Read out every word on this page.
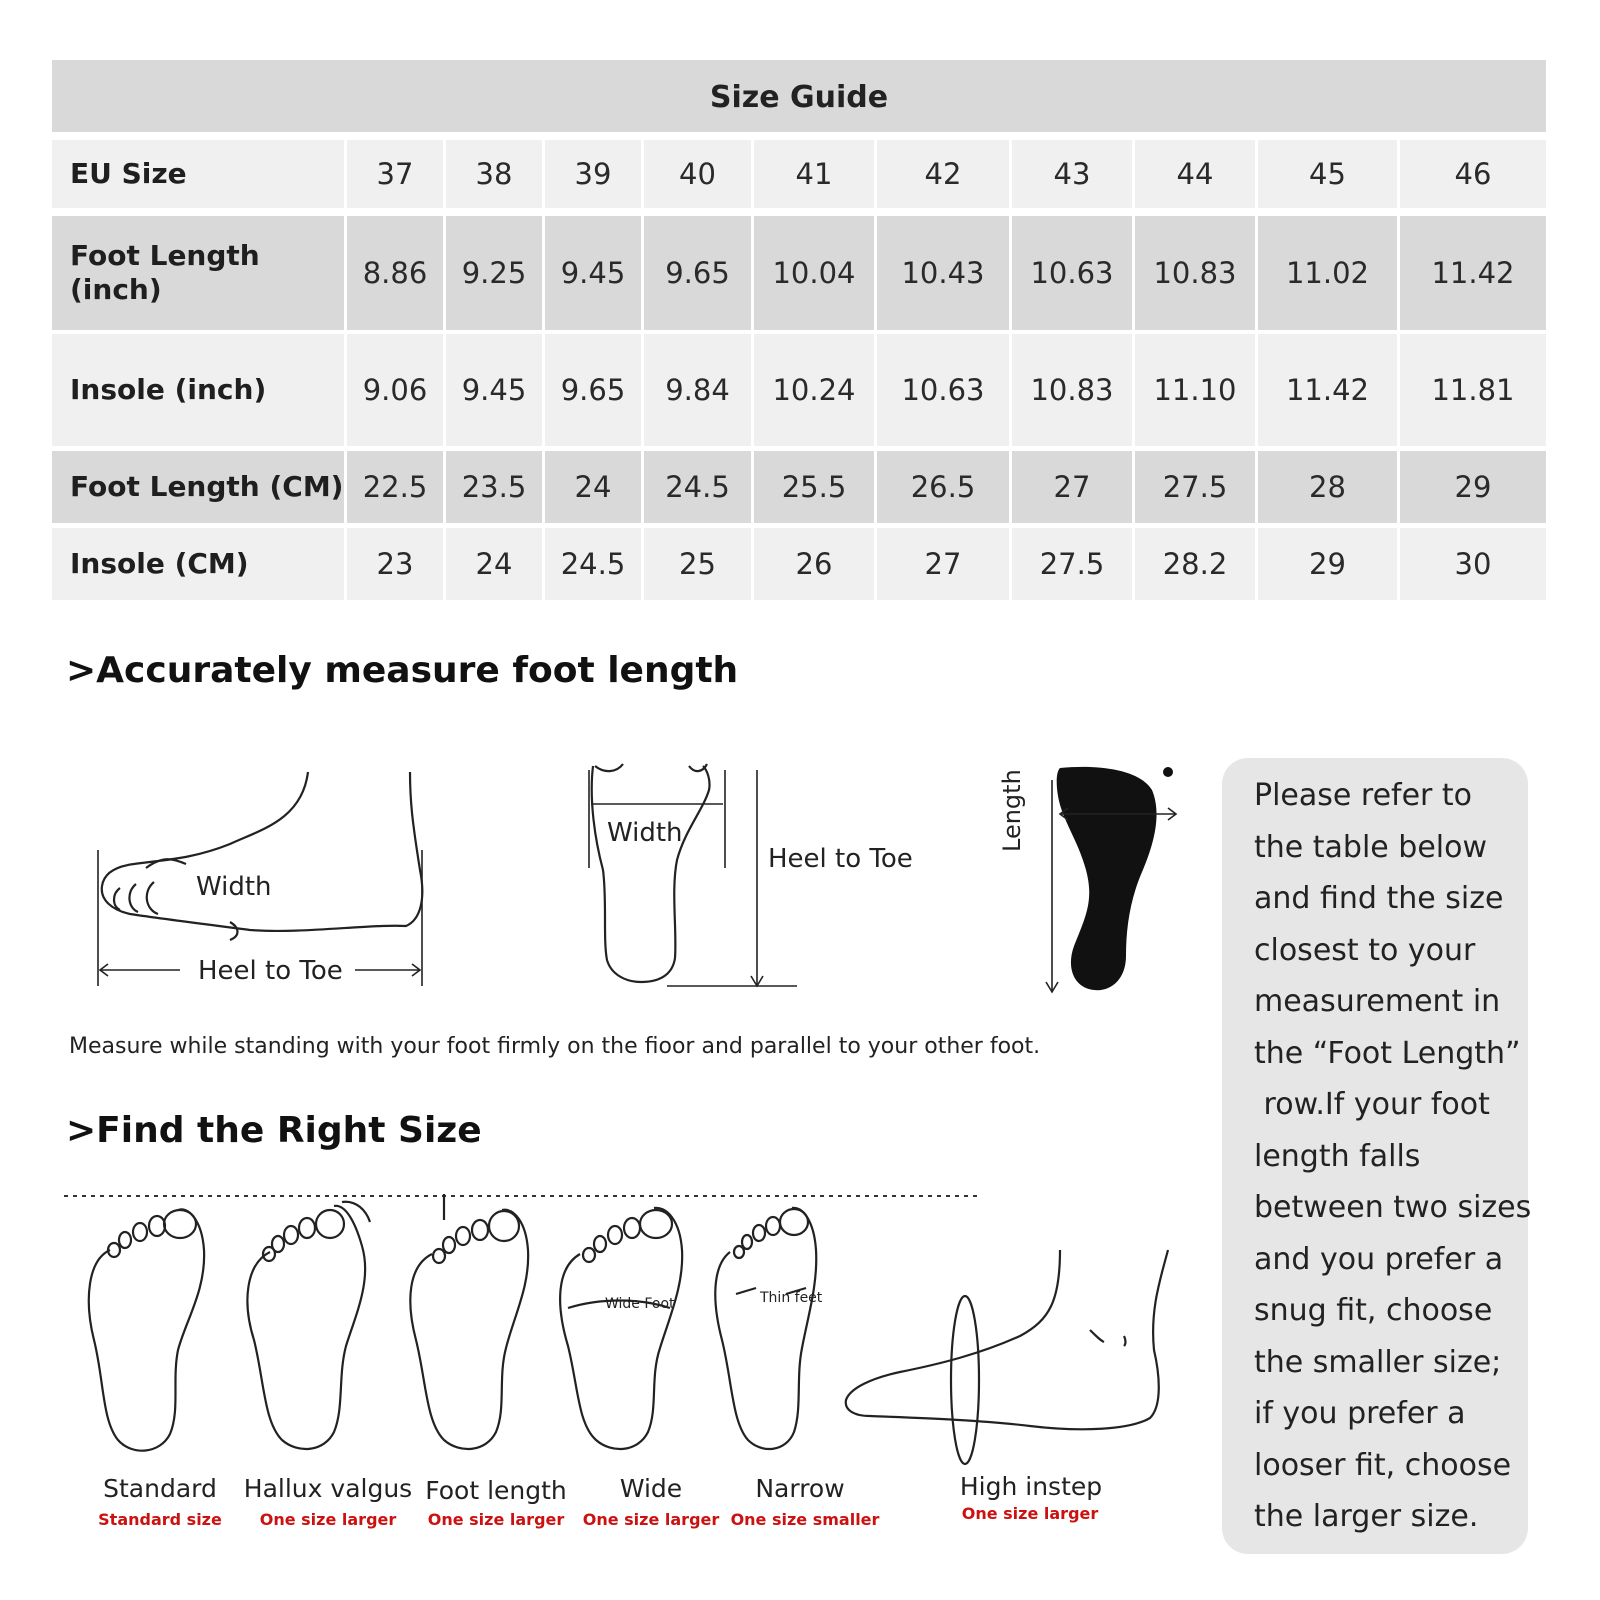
Size Guide
EU Size	37	38	39	40	41	42	43	44	45	46
Foot Length
(inch)	8.86	9.25	9.45	9.65	10.04	10.43	10.63	10.83	11.02	11.42
Insole (inch)	9.06	9.45	9.65	9.84	10.24	10.63	10.83	11.10	11.42	11.81
Foot Length (CM) 22.5	23.5	24	24.5	25.5	26.5	27	27.5	28	29
Insole (CM)	23	24	24.5	25	26	27	27.5	28.2	29	30
>Accurately measure foot length
Width
Heel to Toe
Width
Heel to Toe
Length
Measure while standing with your foot firmly on the fioor and parallel to your other foot.
>Find the Right Size
Wide Foot	Thin feet
Standard
Standard size
Hallux valgus
One size larger
Foot length
One size larger
Wide
One size larger
Narrow
One size smaller
High instep
One size larger
Please refer to
the table below
and find the size
closest to your
measurement in
the “Foot Length”
row.If your foot
length falls
between two sizes
and you prefer a
snug fit, choose
the smaller size;
if you prefer a
looser fit, choose
the larger size.
